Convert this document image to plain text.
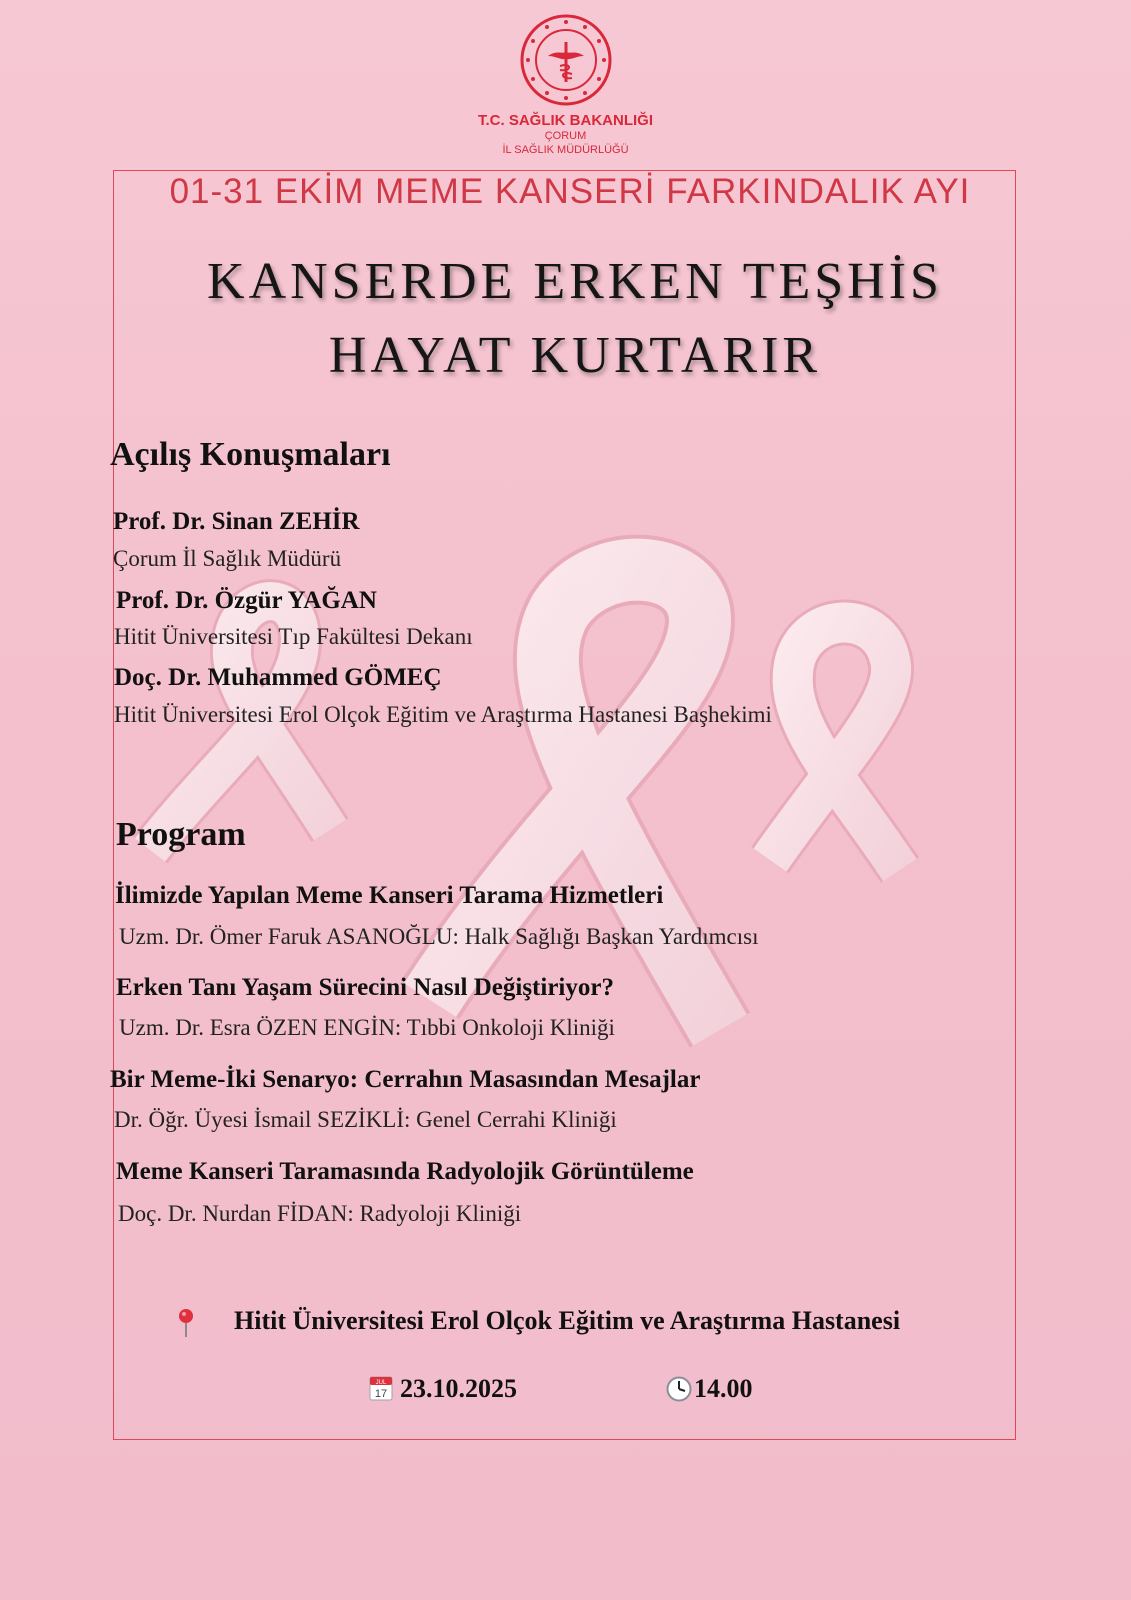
T.C. SAĞLIK BAKANLIĞI
ÇORUM
İL SAĞLIK MÜDÜRLÜĞÜ
01-31 EKİM MEME KANSERİ FARKINDALIK AYI
KANSERDE ERKEN TEŞHİS
HAYAT KURTARIR
Açılış Konuşmaları
Prof. Dr. Sinan ZEHİR
Çorum İl Sağlık Müdürü
Prof. Dr. Özgür YAĞAN
Hitit Üniversitesi Tıp Fakültesi Dekanı
Doç. Dr. Muhammed GÖMEÇ
Hitit Üniversitesi Erol Olçok Eğitim ve Araştırma Hastanesi Başhekimi
Program
İlimizde Yapılan Meme Kanseri Tarama Hizmetleri
Uzm. Dr. Ömer Faruk ASANOĞLU: Halk Sağlığı Başkan Yardımcısı
Erken Tanı Yaşam Sürecini Nasıl Değiştiriyor?
Uzm. Dr. Esra ÖZEN ENGİN: Tıbbi Onkoloji Kliniği
Bir Meme-İki Senaryo: Cerrahın Masasından Mesajlar
Dr. Öğr. Üyesi İsmail SEZİKLİ: Genel Cerrahi Kliniği
Meme Kanseri Taramasında Radyolojik Görüntüleme
Doç. Dr. Nurdan FİDAN: Radyoloji Kliniği
Hitit Üniversitesi Erol Olçok Eğitim ve Araştırma Hastanesi
JUL
17 23.10.2025	14.00
